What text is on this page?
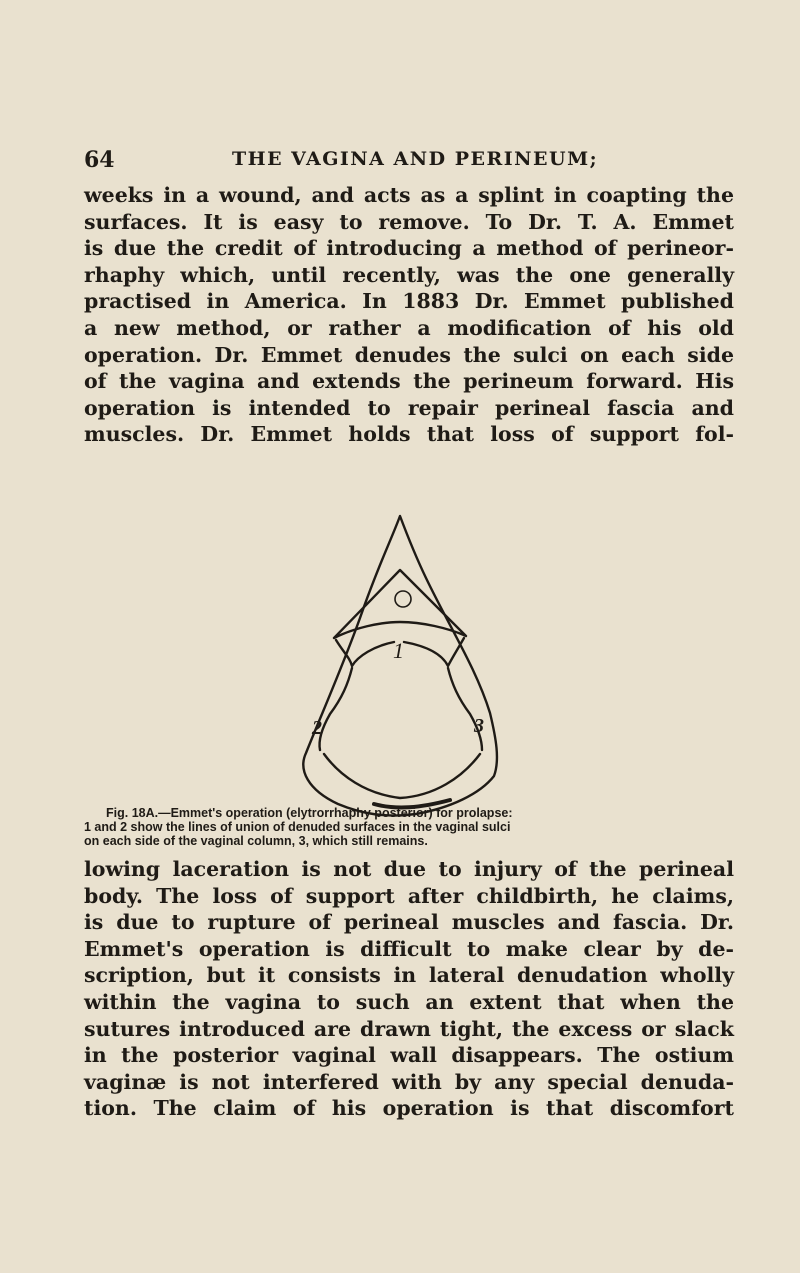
64	THE VAGINA AND PERINEUM;
weeks in a wound, and acts as a splint in coapting the
surfaces. It is easy to remove. To Dr. T. A. Emmet
is due the credit of introducing a method of perineor-
rhaphy which, until recently, was the one generally
practised in America. In 1883 Dr. Emmet published
a new method, or rather a modification of his old
operation. Dr. Emmet denudes the sulci on each side
of the vagina and extends the perineum forward. His
operation is intended to repair perineal fascia and
muscles. Dr. Emmet holds that loss of support fol-
1
2	3
Fig. 18A.—Emmet's operation (elytrorrhaphy posterior) for prolapse:
1 and 2 show the lines of union of denuded surfaces in the vaginal sulci
on each side of the vaginal column, 3, which still remains.
lowing laceration is not due to injury of the perineal
body. The loss of support after childbirth, he claims,
is due to rupture of perineal muscles and fascia. Dr.
Emmet's operation is difficult to make clear by de-
scription, but it consists in lateral denudation wholly
within the vagina to such an extent that when the
sutures introduced are drawn tight, the excess or slack
in the posterior vaginal wall disappears. The ostium
vaginæ is not interfered with by any special denuda-
tion. The claim of his operation is that discomfort
